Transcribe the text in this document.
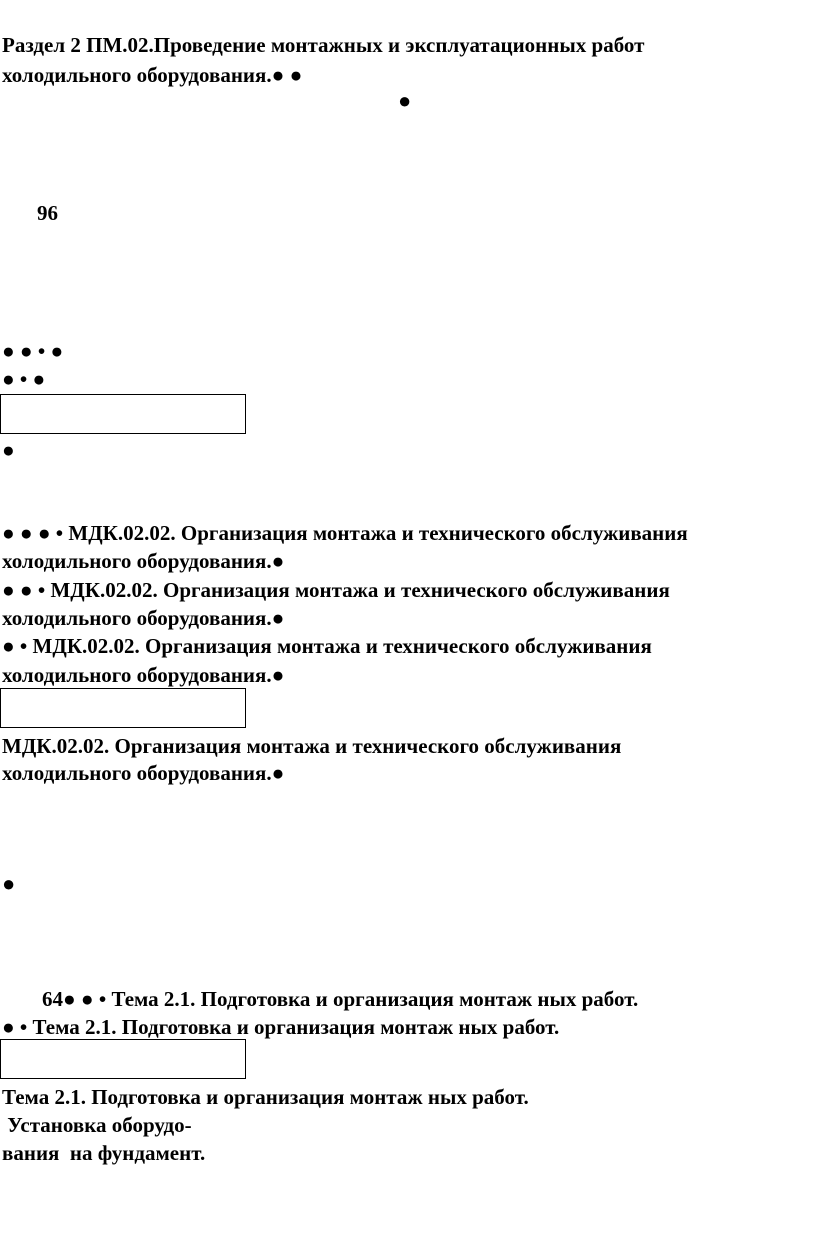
Раздел 2 ПМ.02.Проведение монтажных и эксплуатационных работ
холодильного оборудования.● ●
●
96
● ● • ●
● • ●
●
● ● ● • МДК.02.02. Организация монтажа и технического обслуживания
холодильного оборудования.●
● ● • МДК.02.02. Организация монтажа и технического обслуживания
холодильного оборудования.●
● • МДК.02.02. Организация монтажа и технического обслуживания
холодильного оборудования.●
МДК.02.02. Организация монтажа и технического обслуживания
холодильного оборудования.●
●
64● ● • Тема 2.1. Подготовка и организация монтаж ных работ.
● • Тема 2.1. Подготовка и организация монтаж ных работ.
Тема 2.1. Подготовка и организация монтаж ных работ.
Установка оборудо-
вания  на фундамент.
